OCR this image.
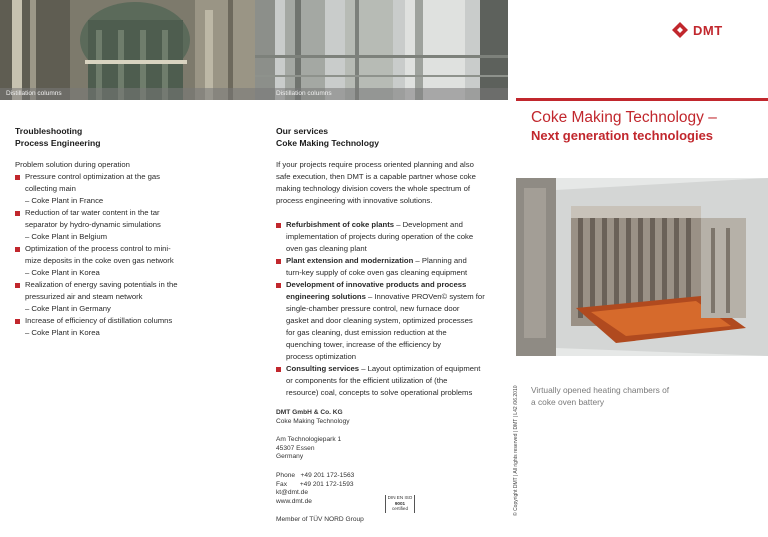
Distillation columns	Distillation columns
Troubleshooting
Process Engineering
Problem solution during operation
Pressure control optimization at the gas
collecting main
– Coke Plant in France
Reduction of tar water content in the tar
separator by hydro-dynamic simulations
– Coke Plant in Belgium
Optimization of the process control to mini-
mize deposits in the coke oven gas network
– Coke Plant in Korea
Realization of energy saving potentials in the
pressurized air and steam network
– Coke Plant in Germany
Increase of efficiency of distillation columns
– Coke Plant in Korea
Our services
Coke Making Technology
If your projects require process oriented planning and also
safe execution, then DMT is a capable partner whose coke
making technology division covers the whole spectrum of
process engineering with innovative solutions.
Refurbishment of coke plants – Development and
implementation of projects during operation of the coke
oven gas cleaning plant
Plant extension and modernization – Planning and
turn-key supply of coke oven gas cleaning equipment
Development of innovative products and process
engineering solutions – Innovative PROVen© system for
single-chamber pressure control, new furnace door
gasket and door cleaning system, optimized processes
for gas cleaning, dust emission reduction at the
quenching tower, increase of the efficiency by
process optimization
Consulting services – Layout optimization of equipment
or components for the efficient utilization of (the
resource) coal, concepts to solve operational problems
DMT GmbH & Co. KG
Coke Making Technology
Am Technologiepark 1
45307 Essen
Germany
Phone   +49 201 172-1563
Fax       +49 201 172-1593
kt@dmt.de
www.dmt.de
Member of TÜV NORD Group
DIN EN ISO
9001
certified	© Copyright DMT | All rights reserved | DMT | L42 /06.2010
DMT
Coke Making Technology –
Next generation technologies
Virtually opened heating chambers of
a coke oven battery
